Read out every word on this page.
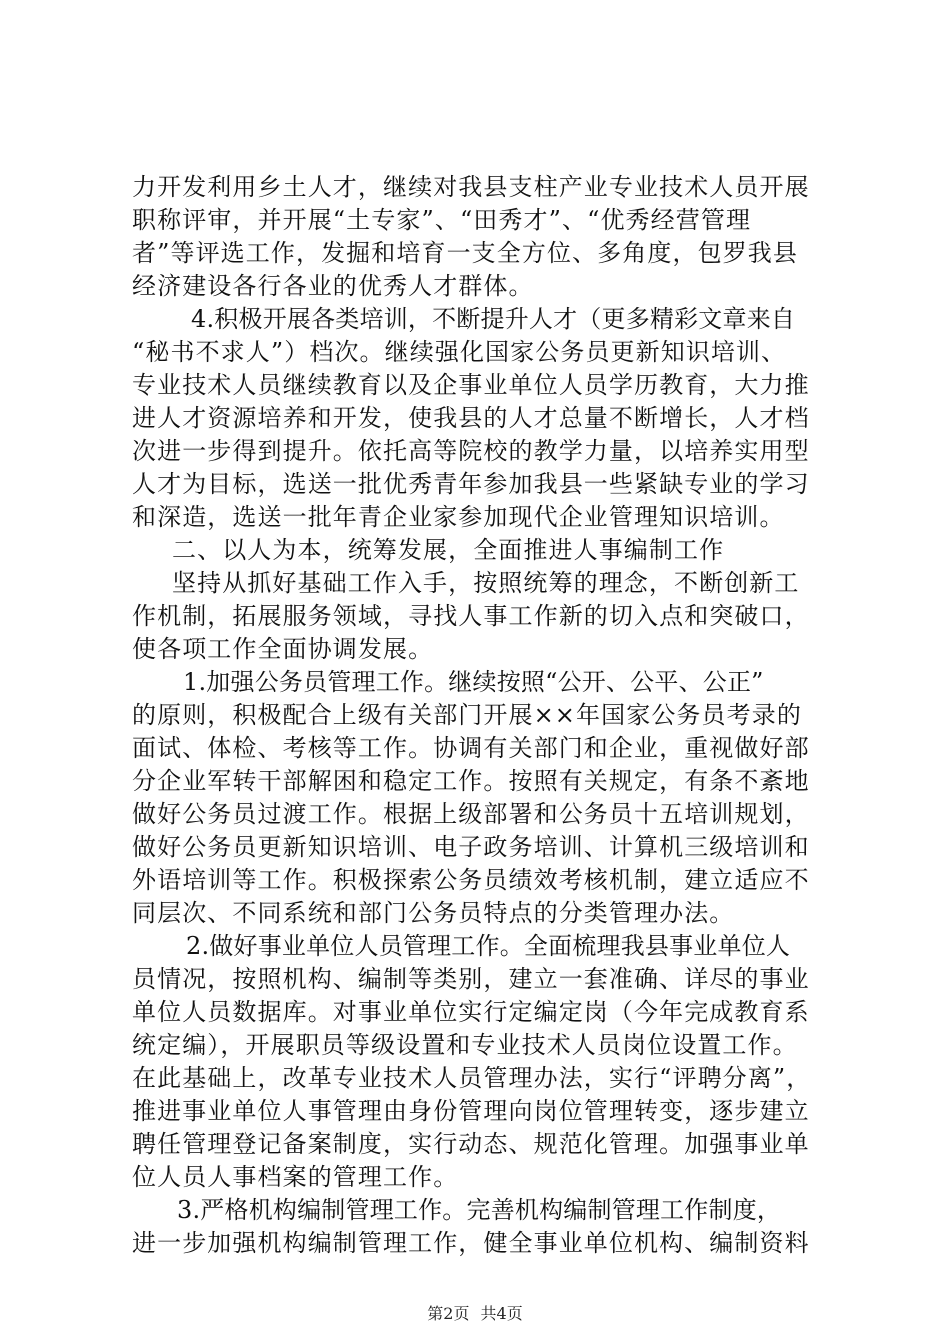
力开发利用乡土人才，继续对我县支柱产业专业技术人员开展
职称评审，并开展“土专家”、“田秀才”、“优秀经营管理
者”等评选工作，发掘和培育一支全方位、多角度，包罗我县
经济建设各行各业的优秀人才群体。
4.积极开展各类培训，不断提升人才（更多精彩文章来自
“秘书不求人”）档次。继续强化国家公务员更新知识培训、
专业技术人员继续教育以及企事业单位人员学历教育，大力推
进人才资源培养和开发，使我县的人才总量不断增长，人才档
次进一步得到提升。依托高等院校的教学力量，以培养实用型
人才为目标，选送一批优秀青年参加我县一些紧缺专业的学习
和深造，选送一批年青企业家参加现代企业管理知识培训。
二、以人为本，统筹发展，全面推进人事编制工作
坚持从抓好基础工作入手，按照统筹的理念，不断创新工
作机制，拓展服务领域，寻找人事工作新的切入点和突破口，
使各项工作全面协调发展。
1.加强公务员管理工作。继续按照“公开、公平、公正”
的原则，积极配合上级有关部门开展××年国家公务员考录的
面试、体检、考核等工作。协调有关部门和企业，重视做好部
分企业军转干部解困和稳定工作。按照有关规定，有条不紊地
做好公务员过渡工作。根据上级部署和公务员十五培训规划，
做好公务员更新知识培训、电子政务培训、计算机三级培训和
外语培训等工作。积极探索公务员绩效考核机制，建立适应不
同层次、不同系统和部门公务员特点的分类管理办法。
2.做好事业单位人员管理工作。全面梳理我县事业单位人
员情况，按照机构、编制等类别，建立一套准确、详尽的事业
单位人员数据库。对事业单位实行定编定岗（今年完成教育系
统定编），开展职员等级设置和专业技术人员岗位设置工作。
在此基础上，改革专业技术人员管理办法，实行“评聘分离”，
推进事业单位人事管理由身份管理向岗位管理转变，逐步建立
聘任管理登记备案制度，实行动态、规范化管理。加强事业单
位人员人事档案的管理工作。
3.严格机构编制管理工作。完善机构编制管理工作制度，
进一步加强机构编制管理工作，健全事业单位机构、编制资料
第2页 共4页
